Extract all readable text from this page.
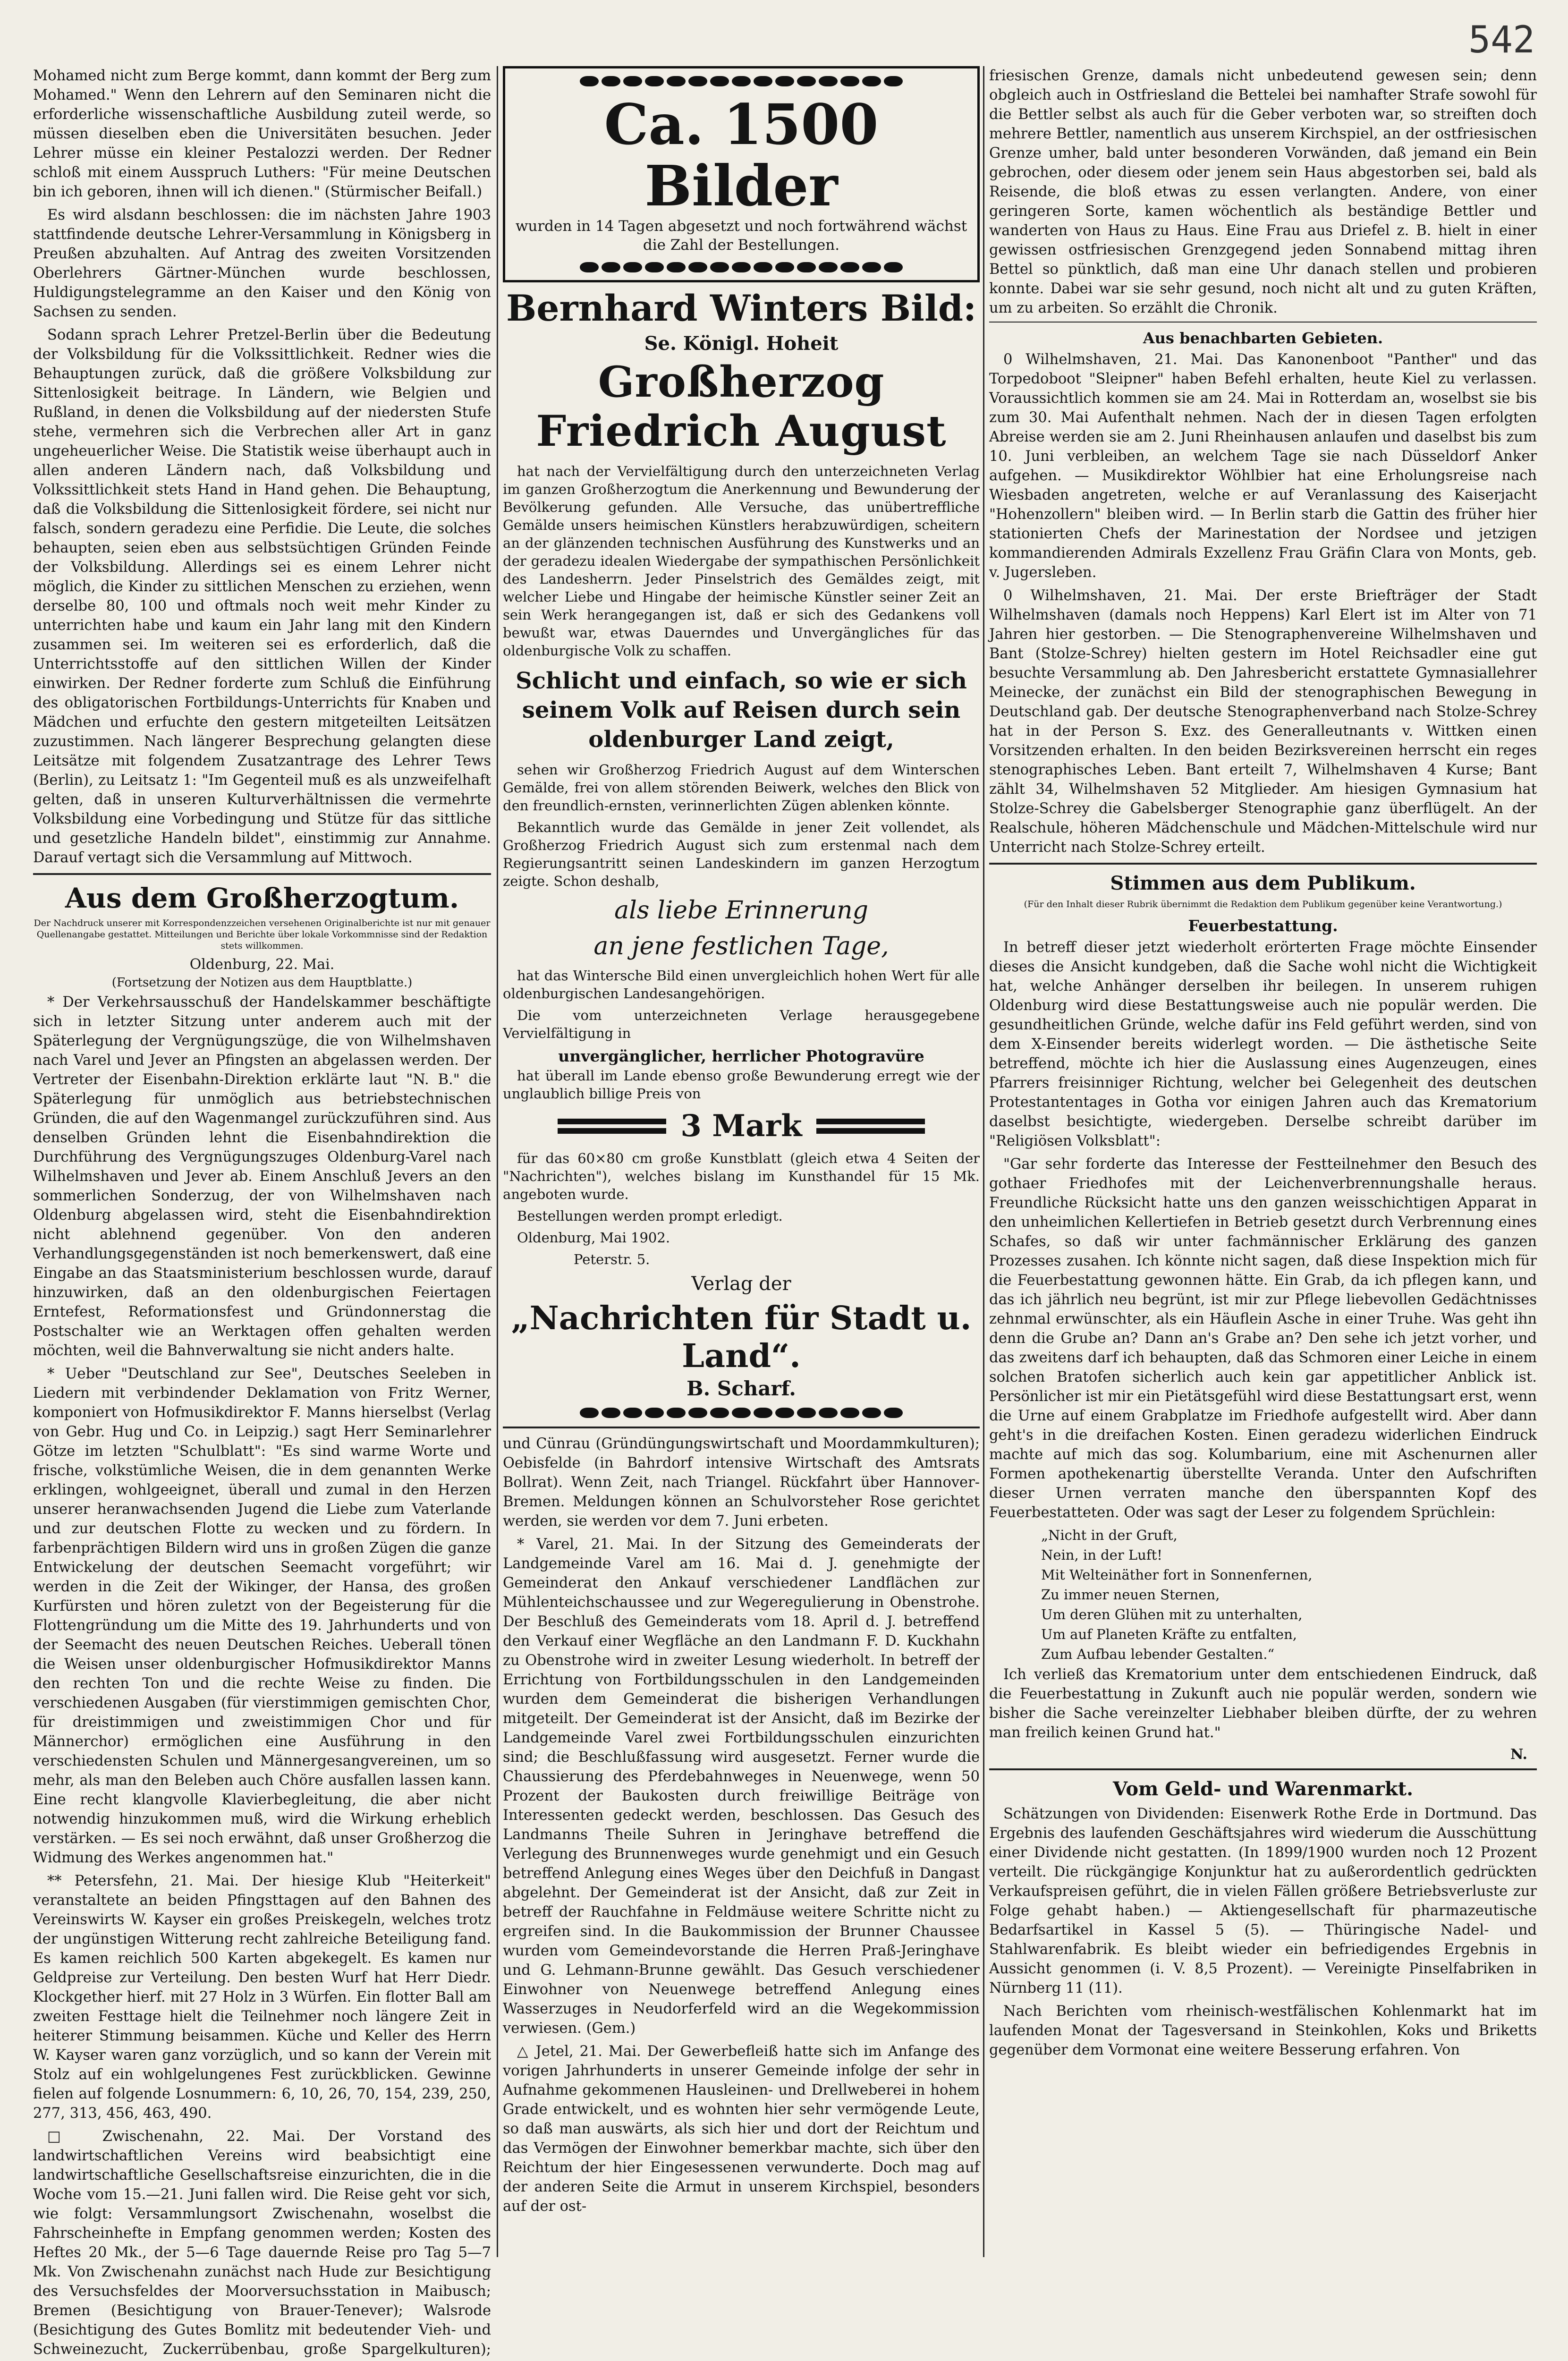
542

Mohamed nicht zum Berge kommt, dann kommt der Berg zum Mohamed." Wenn den Lehrern auf den Seminaren nicht die erforderliche wissenschaftliche Ausbildung zuteil werde, so müssen dieselben eben die Universitäten besuchen. Jeder Lehrer müsse ein kleiner Pestalozzi werden. Der Redner schloß mit einem Ausspruch Luthers: "Für meine Deutschen bin ich geboren, ihnen will ich dienen." (Stürmischer Beifall.)

Es wird alsdann beschlossen: die im nächsten Jahre 1903 stattfindende deutsche Lehrer-Versammlung in Königsberg in Preußen abzuhalten. Auf Antrag des zweiten Vorsitzenden Oberlehrers Gärtner-München wurde beschlossen, Huldigungstelegramme an den Kaiser und den König von Sachsen zu senden.

Sodann sprach Lehrer Pretzel-Berlin über die Bedeutung der Volksbildung für die Volkssittlichkeit. Redner wies die Behauptungen zurück, daß die größere Volksbildung zur Sittenlosigkeit beitrage. In Ländern, wie Belgien und Rußland, in denen die Volksbildung auf der niedersten Stufe stehe, vermehren sich die Verbrechen aller Art in ganz ungeheuerlicher Weise. Die Statistik weise überhaupt auch in allen anderen Ländern nach, daß Volksbildung und Volkssittlichkeit stets Hand in Hand gehen. Die Behauptung, daß die Volksbildung die Sittenlosigkeit fördere, sei nicht nur falsch, sondern geradezu eine Perfidie. Die Leute, die solches behaupten, seien eben aus selbstsüchtigen Gründen Feinde der Volksbildung. Allerdings sei es einem Lehrer nicht möglich, die Kinder zu sittlichen Menschen zu erziehen, wenn derselbe 80, 100 und oftmals noch weit mehr Kinder zu unterrichten habe und kaum ein Jahr lang mit den Kindern zusammen sei. Im weiteren sei es erforderlich, daß die Unterrichtsstoffe auf den sittlichen Willen der Kinder einwirken. Der Redner forderte zum Schluß die Einführung des obligatorischen Fortbildungs-Unterrichts für Knaben und Mädchen und erfuchte den gestern mitgeteilten Leitsätzen zuzustimmen. Nach längerer Besprechung gelangten diese Leitsätze mit folgendem Zusatzantrage des Lehrer Tews (Berlin), zu Leitsatz 1: "Im Gegenteil muß es als unzweifelhaft gelten, daß in unseren Kulturverhältnissen die vermehrte Volksbildung eine Vorbedingung und Stütze für das sittliche und gesetzliche Handeln bildet", einstimmig zur Annahme. Darauf vertagt sich die Versammlung auf Mittwoch.

Aus dem Großherzogtum.
Der Nachdruck unserer mit Korrespondenzzeichen versehenen Originalberichte ist nur mit genauer Quellenangabe gestattet. Mitteilungen und Berichte über lokale Vorkommnisse sind der Redaktion stets willkommen.
Oldenburg, 22. Mai.
(Fortsetzung der Notizen aus dem Hauptblatte.)

* Der Verkehrsausschuß der Handelskammer beschäftigte sich in letzter Sitzung unter anderem auch mit der Späterlegung der Vergnügungszüge, die von Wilhelmshaven nach Varel und Jever an Pfingsten an abgelassen werden. Der Vertreter der Eisenbahn-Direktion erklärte laut "N. B." die Späterlegung für unmöglich aus betriebstechnischen Gründen, die auf den Wagenmangel zurückzuführen sind. Aus denselben Gründen lehnt die Eisenbahndirektion die Durchführung des Vergnügungszuges Oldenburg-Varel nach Wilhelmshaven und Jever ab. Einem Anschluß Jevers an den sommerlichen Sonderzug, der von Wilhelmshaven nach Oldenburg abgelassen wird, steht die Eisenbahndirektion nicht ablehnend gegenüber. Von den anderen Verhandlungsgegenständen ist noch bemerkenswert, daß eine Eingabe an das Staatsministerium beschlossen wurde, darauf hinzuwirken, daß an den oldenburgischen Feiertagen Erntefest, Reformationsfest und Gründonnerstag die Postschalter wie an Werktagen offen gehalten werden möchten, weil die Bahnverwaltung sie nicht anders halte.

* Ueber "Deutschland zur See", Deutsches Seeleben in Liedern mit verbindender Deklamation von Fritz Werner, komponiert von Hofmusikdirektor F. Manns hierselbst (Verlag von Gebr. Hug und Co. in Leipzig.) sagt Herr Seminarlehrer Götze im letzten "Schulblatt": "Es sind warme Worte und frische, volkstümliche Weisen, die in dem genannten Werke erklingen, wohlgeeignet, überall und zumal in den Herzen unserer heranwachsenden Jugend die Liebe zum Vaterlande und zur deutschen Flotte zu wecken und zu fördern. In farbenprächtigen Bildern wird uns in großen Zügen die ganze Entwickelung der deutschen Seemacht vorgeführt; wir werden in die Zeit der Wikinger, der Hansa, des großen Kurfürsten und hören zuletzt von der Begeisterung für die Flottengründung um die Mitte des 19. Jahrhunderts und von der Seemacht des neuen Deutschen Reiches. Ueberall tönen die Weisen unser oldenburgischer Hofmusikdirektor Manns den rechten Ton und die rechte Weise zu finden. Die verschiedenen Ausgaben (für vierstimmigen gemischten Chor, für dreistimmigen und zweistimmigen Chor und für Männerchor) ermöglichen eine Ausführung in den verschiedensten Schulen und Männergesangvereinen, um so mehr, als man den Beleben auch Chöre ausfallen lassen kann. Eine recht klangvolle Klavierbegleitung, die aber nicht notwendig hinzukommen muß, wird die Wirkung erheblich verstärken. — Es sei noch erwähnt, daß unser Großherzog die Widmung des Werkes angenommen hat."

** Petersfehn, 21. Mai. Der hiesige Klub "Heiterkeit" veranstaltete an beiden Pfingsttagen auf den Bahnen des Vereinswirts W. Kayser ein großes Preiskegeln, welches trotz der ungünstigen Witterung recht zahlreiche Beteiligung fand. Es kamen reichlich 500 Karten abgekegelt. Es kamen nur Geldpreise zur Verteilung. Den besten Wurf hat Herr Diedr. Klockgether hierf. mit 27 Holz in 3 Würfen. Ein flotter Ball am zweiten Festtage hielt die Teilnehmer noch längere Zeit in heiterer Stimmung beisammen. Küche und Keller des Herrn W. Kayser waren ganz vorzüglich, und so kann der Verein mit Stolz auf ein wohlgelungenes Fest zurückblicken. Gewinne fielen auf folgende Losnummern: 6, 10, 26, 70, 154, 239, 250, 277, 313, 456, 463, 490.

□ Zwischenahn, 22. Mai. Der Vorstand des landwirtschaftlichen Vereins wird beabsichtigt eine landwirtschaftliche Gesellschaftsreise einzurichten, die in die Woche vom 15.—21. Juni fallen wird. Die Reise geht vor sich, wie folgt: Versammlungsort Zwischenahn, woselbst die Fahrscheinhefte in Empfang genommen werden; Kosten des Heftes 20 Mk., der 5—6 Tage dauernde Reise pro Tag 5—7 Mk. Von Zwischenahn zunächst nach Hude zur Besichtigung des Versuchsfeldes der Moorversuchsstation in Maibusch; Bremen (Besichtigung von Brauer-Tenever); Walsrode (Besichtigung des Gutes Bomlitz mit bedeutender Vieh- und Schweinezucht, Zuckerrübenbau, große Spargelkulturen);

Ca. 1500 Bilder
wurden in 14 Tagen abgesetzt und noch fortwährend wächst die Zahl der Bestellungen.
Bernhard Winters Bild:
Se. Königl. Hoheit
Großherzog Friedrich August
hat nach der Vervielfältigung durch den unterzeichneten Verlag im ganzen Großherzogtum die Anerkennung und Bewunderung der Bevölkerung gefunden. Alle Versuche, das unübertreffliche Gemälde unsers heimischen Künstlers herabzuwürdigen, scheitern an der glänzenden technischen Ausführung des Kunstwerks und an der geradezu idealen Wiedergabe der sympathischen Persönlichkeit des Landesherrn. Jeder Pinselstrich des Gemäldes zeigt, mit welcher Liebe und Hingabe der heimische Künstler seiner Zeit an sein Werk herangegangen ist, daß er sich des Gedankens voll bewußt war, etwas Dauerndes und Unvergängliches für das oldenburgische Volk zu schaffen.
Schlicht und einfach, so wie er sich seinem Volk auf Reisen durch sein oldenburger Land zeigt,
sehen wir Großherzog Friedrich August auf dem Winterschen Gemälde, frei von allem störenden Beiwerk, welches den Blick von den freundlich-ernsten, verinnerlichten Zügen ablenken könnte.
Bekanntlich wurde das Gemälde in jener Zeit vollendet, als Großherzog Friedrich August sich zum erstenmal nach dem Regierungsantritt seinen Landeskindern im ganzen Herzogtum zeigte. Schon deshalb,
als liebe Erinnerung
an jene festlichen Tage,
hat das Wintersche Bild einen unvergleichlich hohen Wert für alle oldenburgischen Landesangehörigen.
Die vom unterzeichneten Verlage herausgegebene Vervielfältigung in
unvergänglicher, herrlicher Photogravüre
hat überall im Lande ebenso große Bewunderung erregt wie der unglaublich billige Preis von
3 Mark
für das 60×80 cm große Kunstblatt (gleich etwa 4 Seiten der "Nachrichten"), welches bislang im Kunsthandel für 15 Mk. angeboten wurde.
Bestellungen werden prompt erledigt.
Oldenburg, Mai 1902.
Peterstr. 5.
Verlag der
„Nachrichten für Stadt u. Land“.
B. Scharf.

und Cünrau (Gründüngungswirtschaft und Moordammkulturen); Oebisfelde (in Bahrdorf intensive Wirtschaft des Amtsrats Bollrat). Wenn Zeit, nach Triangel. Rückfahrt über Hannover-Bremen. Meldungen können an Schulvorsteher Rose gerichtet werden, sie werden vor dem 7. Juni erbeten.

* Varel, 21. Mai. In der Sitzung des Gemeinderats der Landgemeinde Varel am 16. Mai d. J. genehmigte der Gemeinderat den Ankauf verschiedener Landflächen zur Mühlenteichschaussee und zur Wegeregulierung in Obenstrohe. Der Beschluß des Gemeinderats vom 18. April d. J. betreffend den Verkauf einer Wegfläche an den Landmann F. D. Kuckhahn zu Obenstrohe wird in zweiter Lesung wiederholt. In betreff der Errichtung von Fortbildungsschulen in den Landgemeinden wurden dem Gemeinderat die bisherigen Verhandlungen mitgeteilt. Der Gemeinderat ist der Ansicht, daß im Bezirke der Landgemeinde Varel zwei Fortbildungsschulen einzurichten sind; die Beschlußfassung wird ausgesetzt. Ferner wurde die Chaussierung des Pferdebahnweges in Neuenwege, wenn 50 Prozent der Baukosten durch freiwillige Beiträge von Interessenten gedeckt werden, beschlossen. Das Gesuch des Landmanns Theile Suhren in Jeringhave betreffend die Verlegung des Brunnenweges wurde genehmigt und ein Gesuch betreffend Anlegung eines Weges über den Deichfuß in Dangast abgelehnt. Der Gemeinderat ist der Ansicht, daß zur Zeit in betreff der Rauchfahne in Feldmäuse weitere Schritte nicht zu ergreifen sind. In die Baukommission der Brunner Chaussee wurden vom Gemeindevorstande die Herren Praß-Jeringhave und G. Lehmann-Brunne gewählt. Das Gesuch verschiedener Einwohner von Neuenwege betreffend Anlegung eines Wasserzuges in Neudorferfeld wird an die Wegekommission verwiesen. (Gem.)

△ Jetel, 21. Mai. Der Gewerbefleiß hatte sich im Anfange des vorigen Jahrhunderts in unserer Gemeinde infolge der sehr in Aufnahme gekommenen Hausleinen- und Drellweberei in hohem Grade entwickelt, und es wohnten hier sehr vermögende Leute, so daß man auswärts, als sich hier und dort der Reichtum und das Vermögen der Einwohner bemerkbar machte, sich über den Reichtum der hier Eingesessenen verwunderte. Doch mag auf der anderen Seite die Armut in unserem Kirchspiel, besonders auf der ost-

friesischen Grenze, damals nicht unbedeutend gewesen sein; denn obgleich auch in Ostfriesland die Bettelei bei namhafter Strafe sowohl für die Bettler selbst als auch für die Geber verboten war, so streiften doch mehrere Bettler, namentlich aus unserem Kirchspiel, an der ostfriesischen Grenze umher, bald unter besonderen Vorwänden, daß jemand ein Bein gebrochen, oder diesem oder jenem sein Haus abgestorben sei, bald als Reisende, die bloß etwas zu essen verlangten. Andere, von einer geringeren Sorte, kamen wöchentlich als beständige Bettler und wanderten von Haus zu Haus. Eine Frau aus Driefel z. B. hielt in einer gewissen ostfriesischen Grenzgegend jeden Sonnabend mittag ihren Bettel so pünktlich, daß man eine Uhr danach stellen und probieren konnte. Dabei war sie sehr gesund, noch nicht alt und zu guten Kräften, um zu arbeiten. So erzählt die Chronik.

Aus benachbarten Gebieten.

0 Wilhelmshaven, 21. Mai. Das Kanonenboot "Panther" und das Torpedoboot "Sleipner" haben Befehl erhalten, heute Kiel zu verlassen. Voraussichtlich kommen sie am 24. Mai in Rotterdam an, woselbst sie bis zum 30. Mai Aufenthalt nehmen. Nach der in diesen Tagen erfolgten Abreise werden sie am 2. Juni Rheinhausen anlaufen und daselbst bis zum 10. Juni verbleiben, an welchem Tage sie nach Düsseldorf Anker aufgehen. — Musikdirektor Wöhlbier hat eine Erholungsreise nach Wiesbaden angetreten, welche er auf Veranlassung des Kaiserjacht "Hohenzollern" bleiben wird. — In Berlin starb die Gattin des früher hier stationierten Chefs der Marinestation der Nordsee und jetzigen kommandierenden Admirals Exzellenz Frau Gräfin Clara von Monts, geb. v. Jugersleben.

0 Wilhelmshaven, 21. Mai. Der erste Briefträger der Stadt Wilhelmshaven (damals noch Heppens) Karl Elert ist im Alter von 71 Jahren hier gestorben. — Die Stenographenvereine Wilhelmshaven und Bant (Stolze-Schrey) hielten gestern im Hotel Reichsadler eine gut besuchte Versammlung ab. Den Jahresbericht erstattete Gymnasiallehrer Meinecke, der zunächst ein Bild der stenographischen Bewegung in Deutschland gab. Der deutsche Stenographenverband nach Stolze-Schrey hat in der Person S. Exz. des Generalleutnants v. Wittken einen Vorsitzenden erhalten. In den beiden Bezirksvereinen herrscht ein reges stenographisches Leben. Bant erteilt 7, Wilhelmshaven 4 Kurse; Bant zählt 34, Wilhelmshaven 52 Mitglieder. Am hiesigen Gymnasium hat Stolze-Schrey die Gabelsberger Stenographie ganz überflügelt. An der Realschule, höheren Mädchenschule und Mädchen-Mittelschule wird nur Unterricht nach Stolze-Schrey erteilt.

Stimmen aus dem Publikum.
(Für den Inhalt dieser Rubrik übernimmt die Redaktion dem Publikum gegenüber keine Verantwortung.)
Feuerbestattung.

In betreff dieser jetzt wiederholt erörterten Frage möchte Einsender dieses die Ansicht kundgeben, daß die Sache wohl nicht die Wichtigkeit hat, welche Anhänger derselben ihr beilegen. In unserem ruhigen Oldenburg wird diese Bestattungsweise auch nie populär werden. Die gesundheitlichen Gründe, welche dafür ins Feld geführt werden, sind von dem X-Einsender bereits widerlegt worden. — Die ästhetische Seite betreffend, möchte ich hier die Auslassung eines Augenzeugen, eines Pfarrers freisinniger Richtung, welcher bei Gelegenheit des deutschen Protestantentages in Gotha vor einigen Jahren auch das Krematorium daselbst besichtigte, wiedergeben. Derselbe schreibt darüber im "Religiösen Volksblatt":

"Gar sehr forderte das Interesse der Festteilnehmer den Besuch des gothaer Friedhofes mit der Leichenverbrennungshalle heraus. Freundliche Rücksicht hatte uns den ganzen weisschichtigen Apparat in den unheimlichen Kellertiefen in Betrieb gesetzt durch Verbrennung eines Schafes, so daß wir unter fachmännischer Erklärung des ganzen Prozesses zusahen. Ich könnte nicht sagen, daß diese Inspektion mich für die Feuerbestattung gewonnen hätte. Ein Grab, da ich pflegen kann, und das ich jährlich neu begrünt, ist mir zur Pflege liebevollen Gedächtnisses zehnmal erwünschter, als ein Häuflein Asche in einer Truhe. Was geht ihn denn die Grube an? Dann an's Grabe an? Den sehe ich jetzt vorher, und das zweitens darf ich behaupten, daß das Schmoren einer Leiche in einem solchen Bratofen sicherlich auch kein gar appetitlicher Anblick ist. Persönlicher ist mir ein Pietätsgefühl wird diese Bestattungsart erst, wenn die Urne auf einem Grabplatze im Friedhofe aufgestellt wird. Aber dann geht's in die dreifachen Kosten. Einen geradezu widerlichen Eindruck machte auf mich das sog. Kolumbarium, eine mit Aschenurnen aller Formen apothekenartig überstellte Veranda. Unter den Aufschriften dieser Urnen verraten manche den überspannten Kopf des Feuerbestatteten. Oder was sagt der Leser zu folgendem Sprüchlein:

„Nicht in der Gruft,
Nein, in der Luft!
Mit Welteinäther fort in Sonnenfernen,
Zu immer neuen Sternen,
Um deren Glühen mit zu unterhalten,
Um auf Planeten Kräfte zu entfalten,
Zum Aufbau lebender Gestalten.“

Ich verließ das Krematorium unter dem entschiedenen Eindruck, daß die Feuerbestattung in Zukunft auch nie populär werden, sondern wie bisher die Sache vereinzelter Liebhaber bleiben dürfte, der zu wehren man freilich keinen Grund hat."

N.
Vom Geld- und Warenmarkt.

Schätzungen von Dividenden: Eisenwerk Rothe Erde in Dortmund. Das Ergebnis des laufenden Geschäftsjahres wird wiederum die Ausschüttung einer Dividende nicht gestatten. (In 1899/1900 wurden noch 12 Prozent verteilt. Die rückgängige Konjunktur hat zu außerordentlich gedrückten Verkaufspreisen geführt, die in vielen Fällen größere Betriebsverluste zur Folge gehabt haben.) — Aktiengesellschaft für pharmazeutische Bedarfsartikel in Kassel 5 (5). — Thüringische Nadel- und Stahlwarenfabrik. Es bleibt wieder ein befriedigendes Ergebnis in Aussicht genommen (i. V. 8,5 Prozent). — Vereinigte Pinselfabriken in Nürnberg 11 (11).

Nach Berichten vom rheinisch-westfälischen Kohlenmarkt hat im laufenden Monat der Tagesversand in Steinkohlen, Koks und Briketts gegenüber dem Vormonat eine weitere Besserung erfahren. Von
